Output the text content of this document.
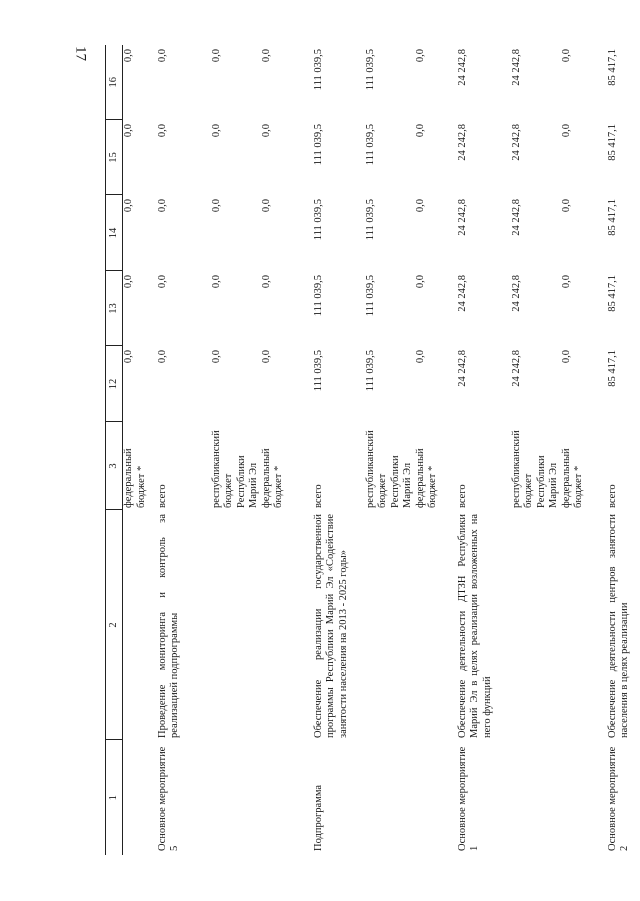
17
1	2	3	12	13	14	15	16
		федеральный бюджет *	0,0	0,0	0,0	0,0	0,0
Основное мероприятие 5	Проведение мониторинга и контроль за реализацией подпрограммы	всего	0,0	0,0	0,0	0,0	0,0
		республиканский бюджет Республики Марий Эл	0,0	0,0	0,0	0,0	0,0
		федеральный бюджет *	0,0	0,0	0,0	0,0	0,0
Подпрограмма	Обеспечение реализации государственной программы Республики Марий Эл «Содействие занятости населения на 2013 - 2025 годы»	всего	111 039,5	111 039,5	111 039,5	111 039,5	111 039,5
		республиканский бюджет Республики Марий Эл	111 039,5	111 039,5	111 039,5	111 039,5	111 039,5
		федеральный бюджет *	0,0	0,0	0,0	0,0	0,0
Основное мероприятие 1	Обеспечение деятельности ДТЗН Республики Марий Эл в целях реализации возложенных на него функций	всего	24 242,8	24 242,8	24 242,8	24 242,8	24 242,8
		республиканский бюджет Республики Марий Эл	24 242,8	24 242,8	24 242,8	24 242,8	24 242,8
		федеральный бюджет *	0,0	0,0	0,0	0,0	0,0
Основное мероприятие 2	Обеспечение деятельности центров занятости населения в целях реализации	всего	85 417,1	85 417,1	85 417,1	85 417,1	85 417,1
